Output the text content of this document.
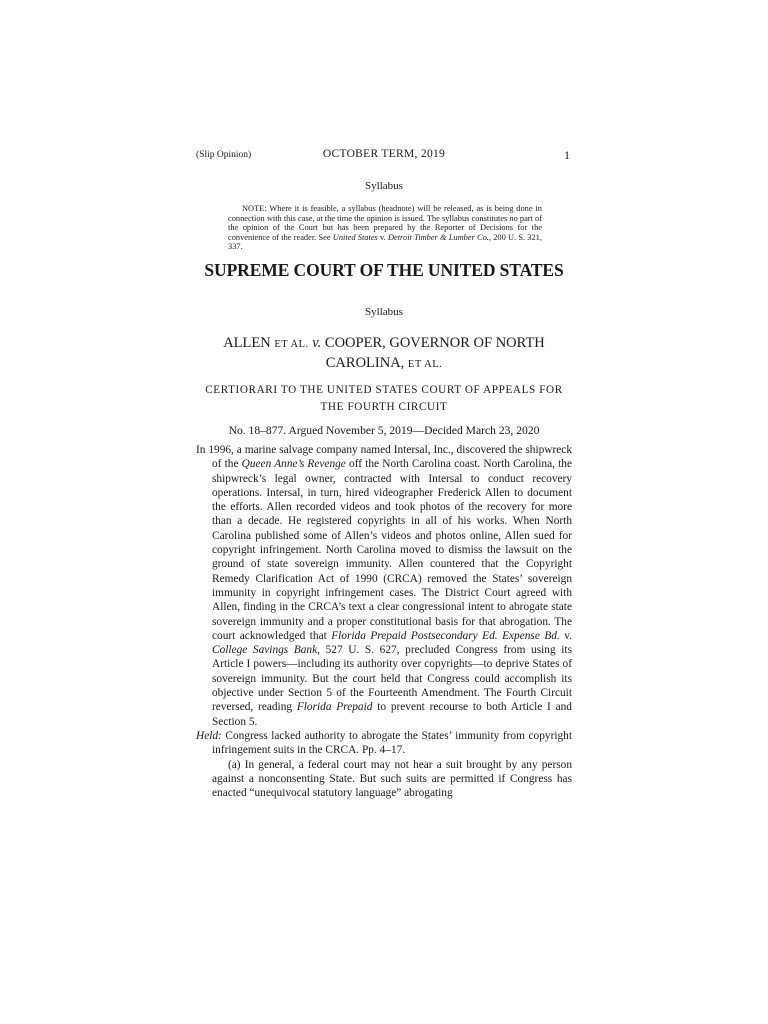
(Slip Opinion)	OCTOBER TERM, 2019	1
Syllabus

NOTE: Where it is feasible, a syllabus (headnote) will be released, as is being done in connection with this case, at the time the opinion is issued. The syllabus constitutes no part of the opinion of the Court but has been prepared by the Reporter of Decisions for the convenience of the reader. See United States v. Detroit Timber & Lumber Co., 200 U. S. 321, 337.

SUPREME COURT OF THE UNITED STATES
Syllabus
ALLEN ET AL. v. COOPER, GOVERNOR OF NORTH
CAROLINA, ET AL.
CERTIORARI TO THE UNITED STATES COURT OF APPEALS FOR
THE FOURTH CIRCUIT
No. 18–877. Argued November 5, 2019—Decided March 23, 2020

In 1996, a marine salvage company named Intersal, Inc., discovered the shipwreck of the Queen Anne’s Revenge off the North Carolina coast. North Carolina, the shipwreck’s legal owner, contracted with Intersal to conduct recovery operations. Intersal, in turn, hired videographer Frederick Allen to document the efforts. Allen recorded videos and took photos of the recovery for more than a decade. He registered copyrights in all of his works. When North Carolina published some of Allen’s videos and photos online, Allen sued for copyright infringement. North Carolina moved to dismiss the lawsuit on the ground of state sovereign immunity. Allen countered that the Copyright Remedy Clarification Act of 1990 (CRCA) removed the States’ sovereign immunity in copyright infringement cases. The District Court agreed with Allen, finding in the CRCA’s text a clear congressional intent to abrogate state sovereign immunity and a proper constitutional basis for that abrogation. The court acknowledged that Florida Prepaid Postsecondary Ed. Expense Bd. v. College Savings Bank, 527 U. S. 627, precluded Congress from using its Article I powers—including its authority over copyrights—to deprive States of sovereign immunity. But the court held that Congress could accomplish its objective under Section 5 of the Fourteenth Amendment. The Fourth Circuit reversed, reading Florida Prepaid to prevent recourse to both Article I and Section 5.

Held: Congress lacked authority to abrogate the States’ immunity from copyright infringement suits in the CRCA. Pp. 4–17.

(a) In general, a federal court may not hear a suit brought by any person against a nonconsenting State. But such suits are permitted if Congress has enacted “unequivocal statutory language” abrogating
